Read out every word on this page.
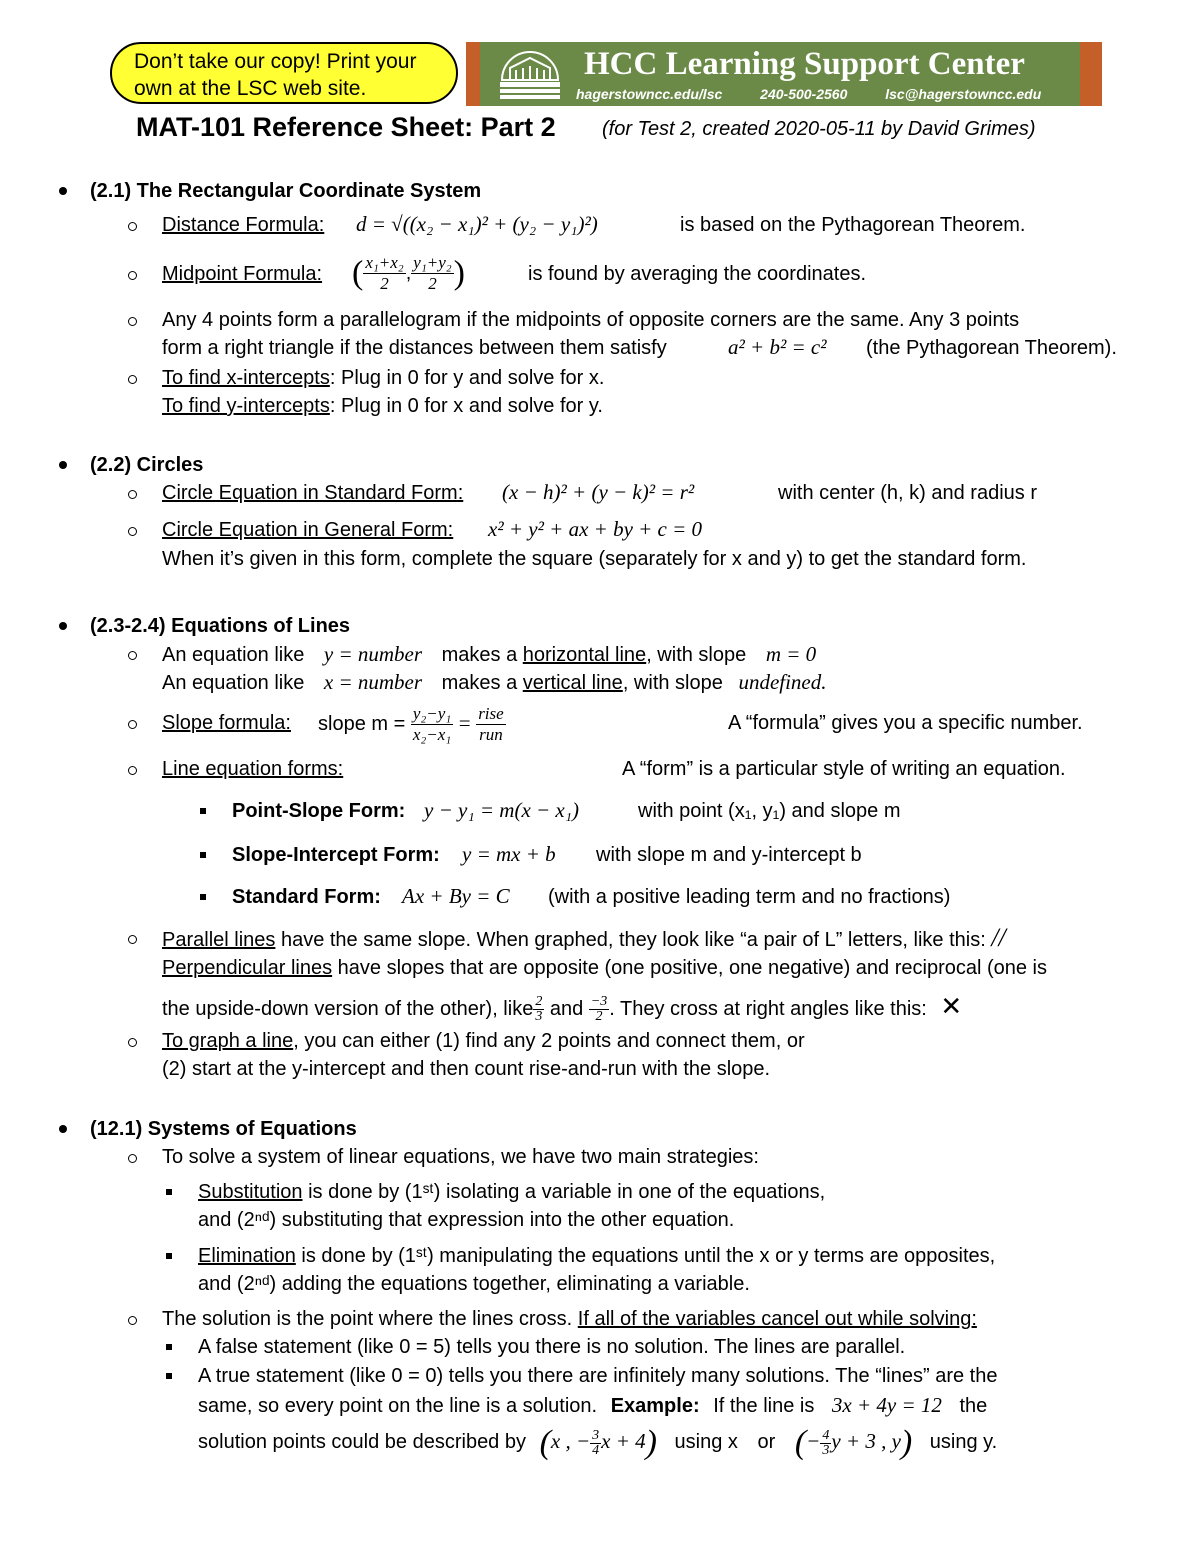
Don’t take our copy! Print your
own at the LSC web site.
HCC Learning Support Center
hagerstowncc.edu/lsc	240-500-2560	lsc@hagerstowncc.edu
MAT-101 Reference Sheet: Part 2 (for Test 2, created 2020-05-11 by David Grimes)
(2.1) The Rectangular Coordinate System
Distance Formula: d = √((x₂ − x₁)² + (y₂ − y₁)²)	is based on the Pythagorean Theorem.
Midpoint Formula: ( $\frac{\text{x₁+x₂}}{2}$ , $\frac{\text{y₁+y₂}}{2}$ )	is found by averaging the coordinates.
Any 4 points form a parallelogram if the midpoints of opposite corners are the same. Any 3 points
form a right triangle if the distances between them satisfy	a² + b² = c² (the Pythagorean Theorem).
To find x-intercepts: Plug in 0 for y and solve for x.
To find y-intercepts: Plug in 0 for x and solve for y.
(2.2) Circles
Circle Equation in Standard Form: (x − h)² + (y − k)² = r²	with center (h, k) and radius r
Circle Equation in General Form: x² + y² + ax + by + c = 0
When it’s given in this form, complete the square (separately for x and y) to get the standard form.
(2.3-2.4) Equations of Lines
An equation like y = number makes a horizontal line, with slope m = 0
An equation like x = number makes a vertical line, with slope undefined.
Slope formula: slope $m = \frac{\text{y₂−y₁}}{\text{x₂−x₁}} = \frac{\text{rise}}{\text{run}}$	A “formula” gives you a specific number.
Line equation forms:	A “form” is a particular style of writing an equation.
Point-Slope Form: y − y₁ = m(x − x₁)	with point (x₁, y₁) and slope m
Slope-Intercept Form: y = mx + b with slope m and y-intercept b
Standard Form: Ax + By = C (with a positive leading term and no fractions)
Parallel lines have the same slope. When graphed, they look like “a pair of L” letters, like this: //
Perpendicular lines have slopes that are opposite (one positive, one negative) and reciprocal (one is
the upside-down version of the other), like $\frac{2}{3}$ and $\frac{-3}{2}$ . They cross at right angles like this: ✕
To graph a line, you can either (1) find any 2 points and connect them, or
(2) start at the y-intercept and then count rise-and-run with the slope.
(12.1) Systems of Equations
To solve a system of linear equations, we have two main strategies:
Substitution is done by (1ˢᵗ) isolating a variable in one of the equations,
and (2ⁿᵈ) substituting that expression into the other equation.
Elimination is done by (1ˢᵗ) manipulating the equations until the x or y terms are opposites,
and (2ⁿᵈ) adding the equations together, eliminating a variable.
The solution is the point where the lines cross. If all of the variables cancel out while solving:
A false statement (like 0 = 5) tells you there is no solution. The lines are parallel.
A true statement (like 0 = 0) tells you there are infinitely many solutions. The “lines” are the
same, so every point on the line is a solution. Example: If the line is 3x + 4y = 12 the
solution points could be described by (x , − $\frac{3}{4}$ x + 4) using x or (− $\frac{4}{3}$ y + 3 , y) using y.
